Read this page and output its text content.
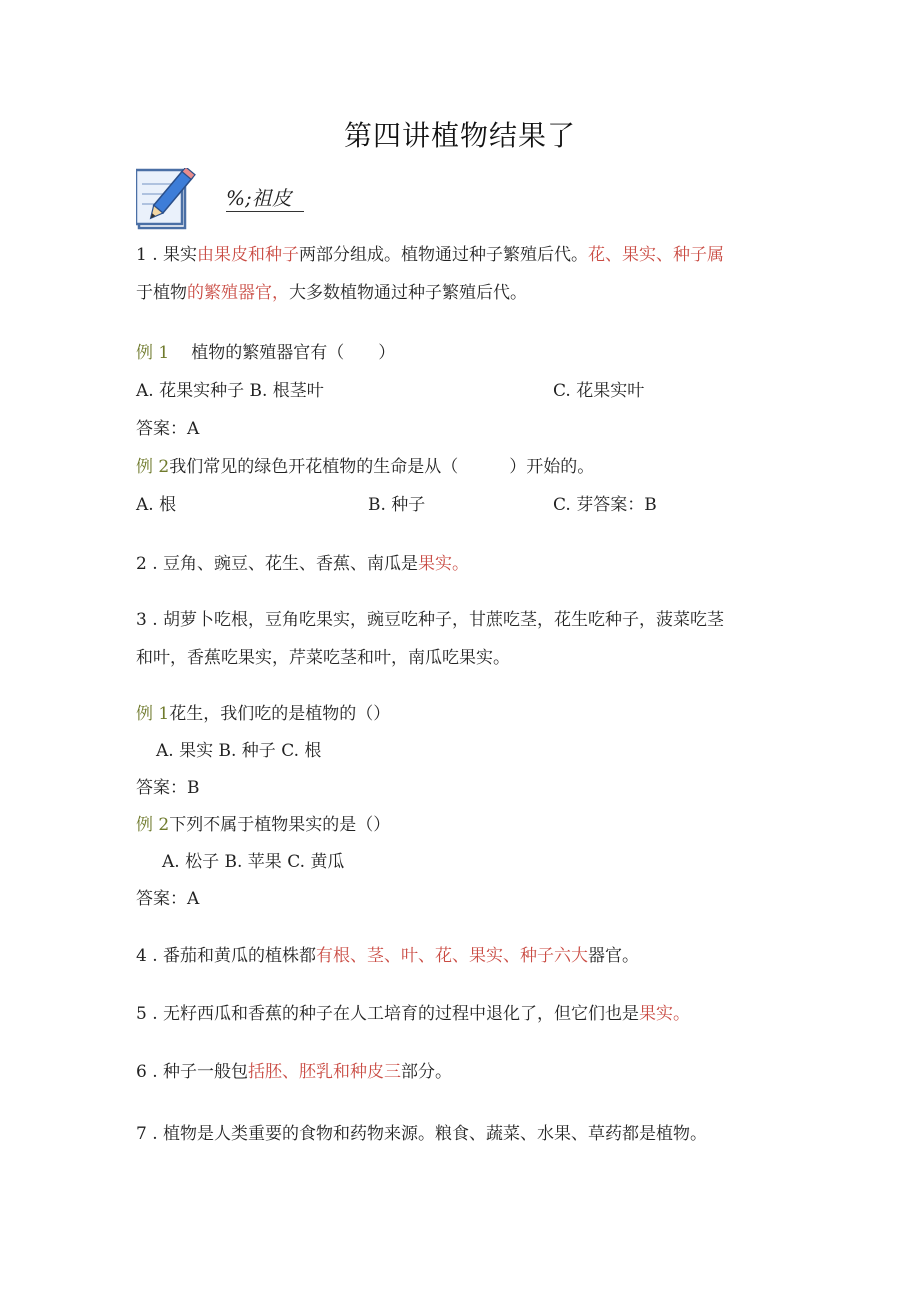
第四讲植物结果了
%;祖皮
1 . 果实由果皮和种子两部分组成。植物通过种子繁殖后代。花、果实、种子属
于植物的繁殖器官，大多数植物通过种子繁殖后代。
例 1 植物的繁殖器官有（　　）
A. 花果实种子 B. 根茎叶	C. 花果实叶
答案：A
例 2我们常见的绿色开花植物的生命是从（　　　）开始的。
A. 根	B. 种子	C. 芽答案：B
2 . 豆角、豌豆、花生、香蕉、南瓜是果实。
3 . 胡萝卜吃根，豆角吃果实，豌豆吃种子，甘蔗吃茎，花生吃种子，菠菜吃茎
和叶，香蕉吃果实，芹菜吃茎和叶，南瓜吃果实。
例 1花生，我们吃的是植物的（）
A. 果实 B. 种子 C. 根
答案：B
例 2下列不属于植物果实的是（）
A. 松子 B. 苹果 C. 黄瓜
答案：A
4 . 番茄和黄瓜的植株都有根、茎、叶、花、果实、种子六大器官。
5 . 无籽西瓜和香蕉的种子在人工培育的过程中退化了，但它们也是果实。
6 . 种子一般包括胚、胚乳和种皮三部分。
7 . 植物是人类重要的食物和药物来源。粮食、蔬菜、水果、草药都是植物。
